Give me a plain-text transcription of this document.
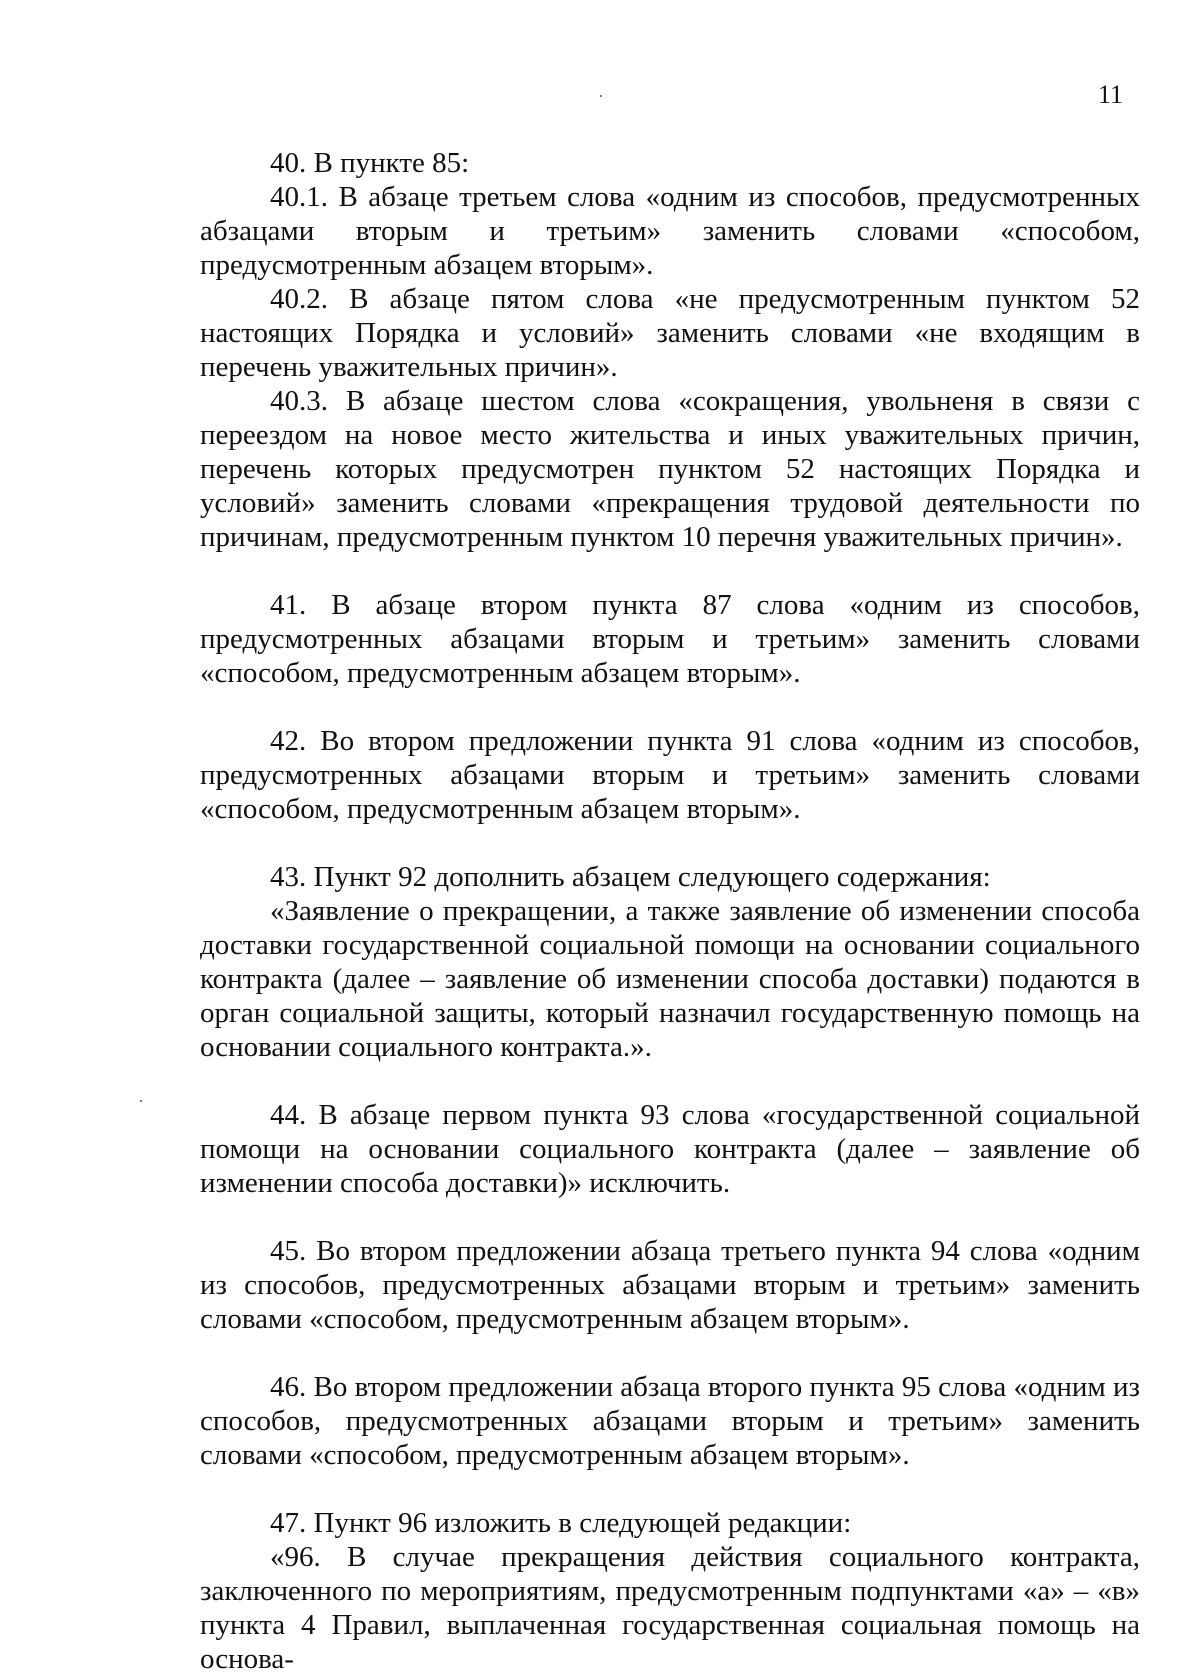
11

40. В пункте 85:

40.1. В абзаце третьем слова «одним из способов, предусмотренных абзацами вторым и третьим» заменить словами «способом, предусмотренным абзацем вторым».

40.2. В абзаце пятом слова «не предусмотренным пунктом 52 настоящих Порядка и условий» заменить словами «не входящим в перечень уважительных причин».

40.3. В абзаце шестом слова «сокращения, увольненя в связи с переездом на новое место жительства и иных уважительных причин, перечень которых предусмотрен пунктом 52 настоящих Порядка и условий» заменить словами «прекращения трудовой деятельности по причинам, предусмотренным пунктом 10 перечня уважительных причин».

41. В абзаце втором пункта 87 слова «одним из способов, предусмотренных абзацами вторым и третьим» заменить словами «способом, предусмотренным абзацем вторым».

42. Во втором предложении пункта 91 слова «одним из способов, предусмотренных абзацами вторым и третьим» заменить словами «способом, предусмотренным абзацем вторым».

43. Пункт 92 дополнить абзацем следующего содержания:

«Заявление о прекращении, а также заявление об изменении способа доставки государственной социальной помощи на основании социального контракта (далее – заявление об изменении способа доставки) подаются в орган социальной защиты, который назначил государственную помощь на основании социального контракта.».

44. В абзаце первом пункта 93 слова «государственной социальной помощи на основании социального контракта (далее – заявление об изменении способа доставки)» исключить.

45. Во втором предложении абзаца третьего пункта 94 слова «одним из способов, предусмотренных абзацами вторым и третьим» заменить словами «способом, предусмотренным абзацем вторым».

46. Во втором предложении абзаца второго пункта 95 слова «одним из способов, предусмотренных абзацами вторым и третьим» заменить словами «способом, предусмотренным абзацем вторым».

47. Пункт 96 изложить в следующей редакции:

«96. В случае прекращения действия социального контракта, заключенного по мероприятиям, предусмотренным подпунктами «а» – «в» пункта 4 Правил, выплаченная государственная социальная помощь на основа-
